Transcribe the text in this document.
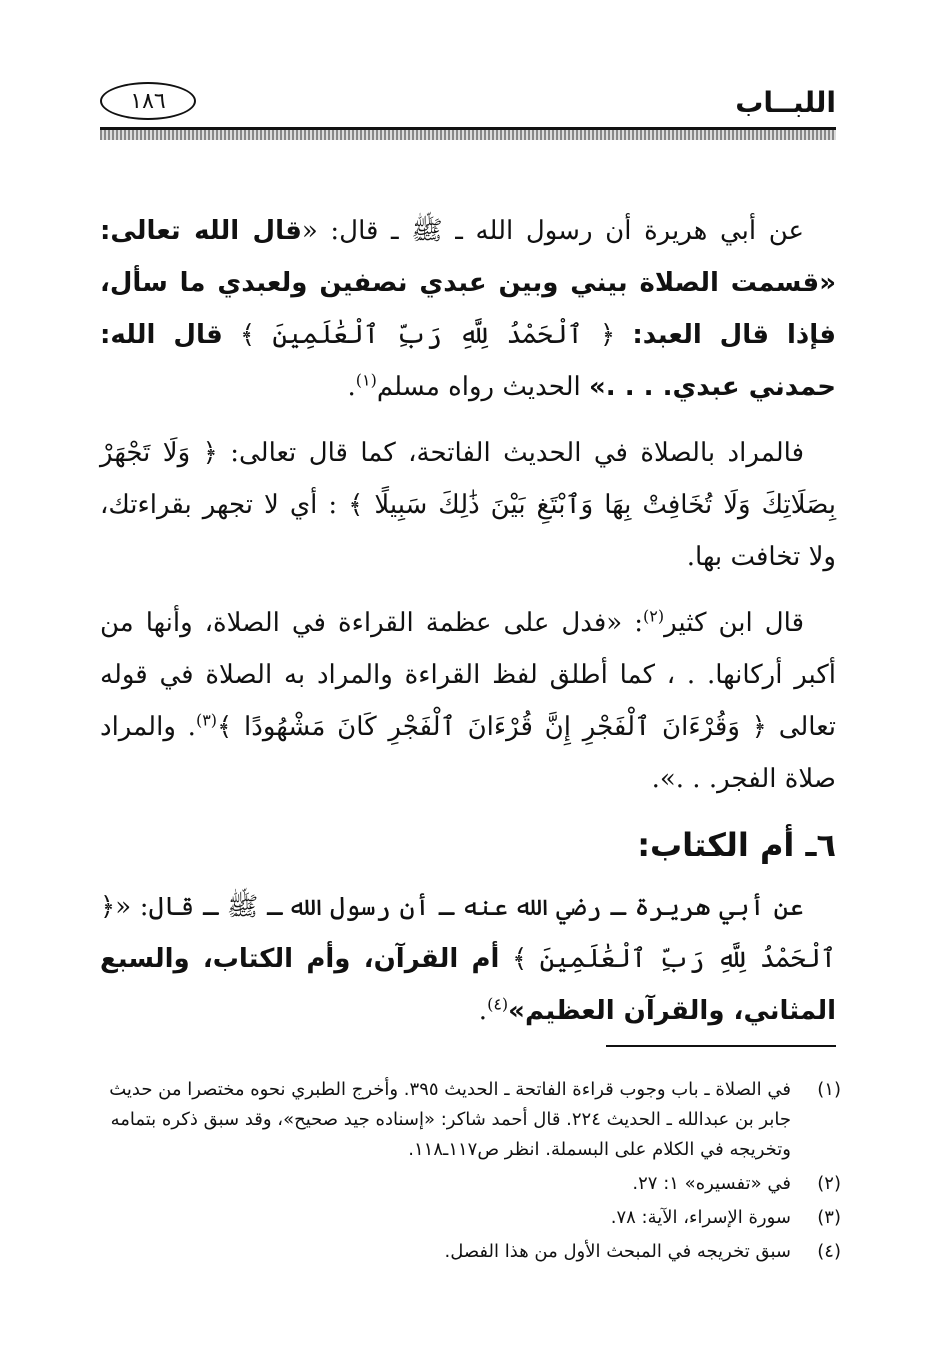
اللبــاب
١٨٦

عن أبي هريرة أن رسول الله ـ ﷺ ـ قال: «قال الله تعالى: «قسمت الصلاة بيني وبين عبدي نصفين ولعبدي ما سأل، فإذا قال العبد: ﴿ ٱلْحَمْدُ لِلَّهِ رَبِّ ٱلْعَٰلَمِينَ ﴾ قال الله: حمدني عبدي. . . .» الحديث رواه مسلم$^{(١)}$.

فالمراد بالصلاة في الحديث الفاتحة، كما قال تعالى: ﴿ وَلَا تَجْهَرْ بِصَلَاتِكَ وَلَا تُخَافِتْ بِهَا وَٱبْتَغِ بَيْنَ ذَٰلِكَ سَبِيلًا ﴾ : أي لا تجهر بقراءتك، ولا تخافت بها.

قال ابن كثير$^{(٢)}$: «فدل على عظمة القراءة في الصلاة، وأنها من أكبر أركانها. . ، كما أطلق لفظ القراءة والمراد به الصلاة في قوله تعالى ﴿ وَقُرْءَانَ ٱلْفَجْرِ إِنَّ قُرْءَانَ ٱلْفَجْرِ كَانَ مَشْهُودًا ﴾$^{(٣)}$. والمراد صلاة الفجر. . .».

٦ـ أم الكتاب:

عن أبي هريرة ـ رضي الله عنه ـ أن رسول الله ـ ﷺ ـ قال: «﴿ ٱلْحَمْدُ لِلَّهِ رَبِّ ٱلْعَٰلَمِينَ ﴾ أم القرآن، وأم الكتاب، والسبع المثاني، والقرآن العظيم»$^{(٤)}$.

(١)
في الصلاة ـ باب وجوب قراءة الفاتحة ـ الحديث ٣٩٥. وأخرج الطبري نحوه مختصرا من حديث جابر بن عبدالله ـ الحديث ٢٢٤. قال أحمد شاكر: «إسناده جيد صحيح»، وقد سبق ذكره بتمامه وتخريجه في الكلام على البسملة. انظر ص١١٧ـ١١٨.
(٢)
في «تفسيره» ١: ٢٧.
(٣)
سورة الإسراء، الآية: ٧٨.
(٤)
سبق تخريجه في المبحث الأول من هذا الفصل.
